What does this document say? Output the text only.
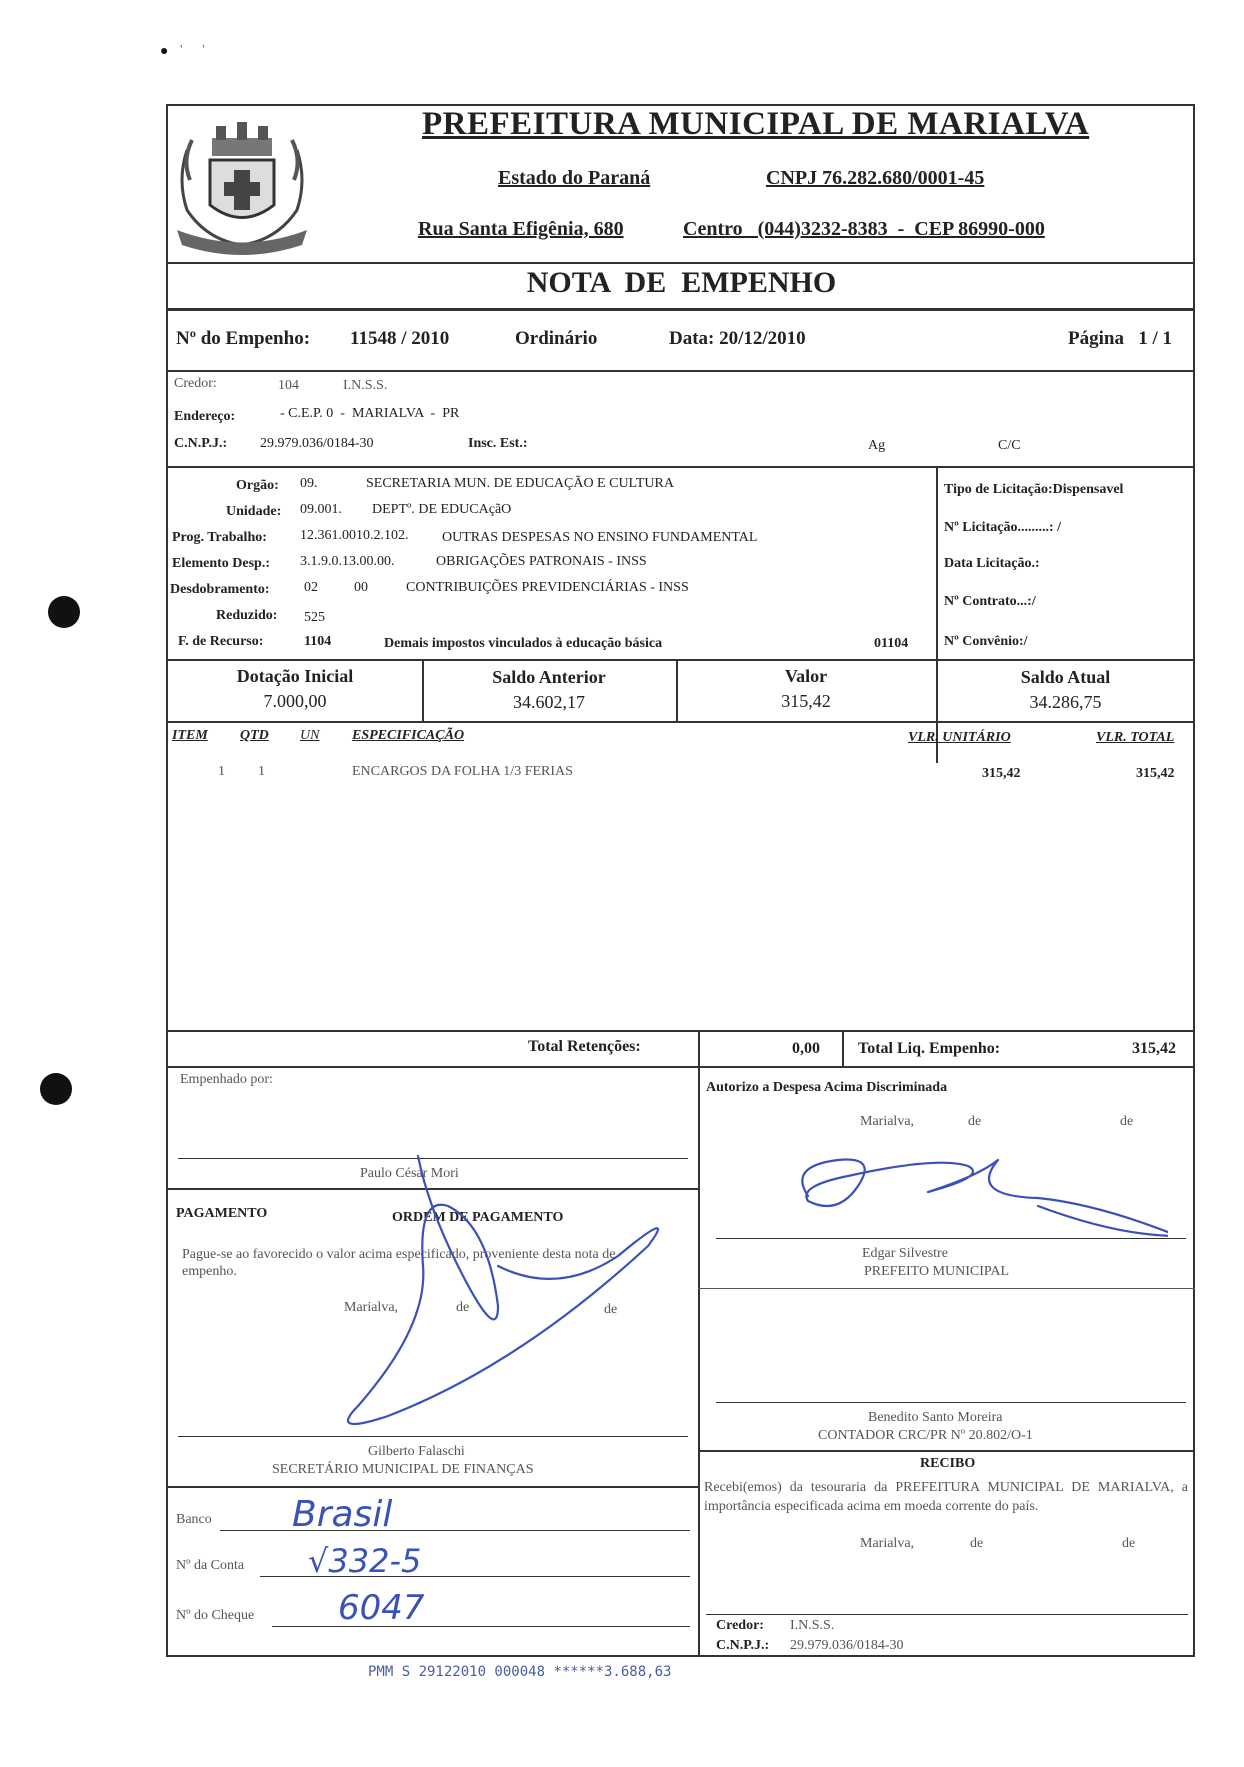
●   ʿ     ʿ
PREFEITURA MUNICIPAL DE MARIALVA
Estado do Paraná	CNPJ 76.282.680/0001-45
Rua Santa Efigênia, 680	Centro   (044)3232-8383  -  CEP 86990-000
NOTA  DE  EMPENHO
Nº do Empenho: 11548 / 2010	Ordinário	Data: 20/12/2010	Página   1 / 1
Credor:	104	I.N.S.S.
Endereço:	- C.E.P. 0  -  MARIALVA  -  PR
C.N.P.J.: 29.979.036/0184-30	Insc. Est.:	Ag	C/C
Orgão: 09.	SECRETARIA MUN. DE EDUCAÇÃO E CULTURA
Unidade: 09.001. DEPTº. DE EDUCAçãO
Prog. Trabalho: 12.361.0010.2.102. OUTRAS DESPESAS NO ENSINO FUNDAMENTAL
Elemento Desp.: 3.1.9.0.13.00.00.	OBRIGAÇÕES PATRONAIS - INSS
Desdobramento: 02	00	CONTRIBUIÇÕES PREVIDENCIÁRIAS - INSS
Reduzido: 525
F. de Recurso:	1104	Demais impostos vinculados à educação básica	01104
Tipo de Licitação:Dispensavel
Nº Licitação.........: /
Data Licitação.:
Nº Contrato...:/
Nº Convênio:/
Dotação Inicial
7.000,00
Saldo Anterior
34.602,17
Valor
315,42
Saldo Atual
34.286,75
ITEM QTD UN ESPECIFICAÇÃO	VLR. UNITÁRIO	VLR. TOTAL
1 1	ENCARGOS DA FOLHA 1/3 FERIAS	315,42	315,42
Total Retenções:	0,00 Total Liq. Empenho:	315,42
Empenhado por:
Paulo César Mori
PAGAMENTO	ORDEM DE PAGAMENTO
Pague-se ao favorecido o valor acima especificado, proveniente desta nota de empenho.
Marialva,	de	de
Gilberto Falaschi
SECRETÁRIO MUNICIPAL DE FINANÇAS
Banco Brasil
Nº da Conta √332-5
Nº do Cheque 6047
Autorizo a Despesa Acima Discriminada
Marialva,	de	de
Edgar Silvestre
PREFEITO MUNICIPAL
Benedito Santo Moreira
CONTADOR CRC/PR Nº 20.802/O-1
RECIBO
Recebi(emos) da tesouraria da PREFEITURA MUNICIPAL DE MARIALVA, a importância especificada acima em moeda corrente do país.
Marialva,	de	de
Credor: I.N.S.S.
C.N.P.J.: 29.979.036/0184-30
PMM S 29122010 000048 ******3.688,63
